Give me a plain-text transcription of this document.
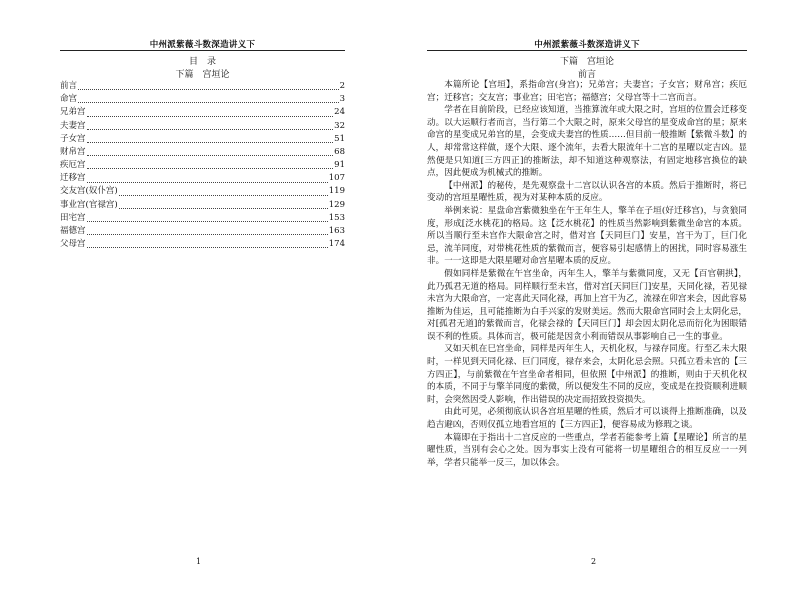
中州派紫薇斗数深造讲义下
目　录
下篇　宫垣论
前言	2
命宫	3
兄弟宫	24
夫妻宫	32
子女宫	51
财帛宫	68
疾厄宫	91
迁移宫	107
交友宫(奴仆宫)	119
事业宫(官禄宫)	129
田宅宫	153
福德宫	163
父母宫	174
1
中州派紫薇斗数深造讲义下
下篇　宫垣论
前言

本篇所论【宫垣】，系指命宫(身宫)；兄弟宫；夫妻宫；子女宫；财帛宫；疾厄宫；迁移宫；交友宫；事业宫；田宅宫；福德宫；父母宫等十二宫而言。

学者在目前阶段，已经应该知道，当推算流年或大限之时，宫垣的位置会迁移变动。以大运顺行者而言，当行第二个大限之时，原来父母宫的星变成命宫的星；原来命宫的星变成兄弟宫的星，会变成夫妻宫的性质……但目前一般推断【紫微斗数】的人，却常常这样做，逐个大限、逐个流年，去看大限流年十二宫的星曜以定吉凶。显然便是只知道[三方四正]的推断法，却不知道这种观察法，有固定地移宫换位的缺点，因此便成为机械式的推断。

【中州派】的秘传，是先观察盘十二宫以认识各宫的本质。然后于推断时，将已变动的宫垣星曜性质，视为对某种本质的反应。

举例来说：星盘命宫紫微独坐在午王年生人，擎羊在子垣(好迁移宫)，与贪狼同度，形成[泛水桃花]的格局。这【泛水桃花】的性质当然影响到紫微坐命宫的本质。所以当顺行至未宫作大限命宫之时，借对宫【天同巨门】安星，宫干为丁，巨门化忌，流羊同度，对带桃花性质的紫微而言，便容易引起感情上的困扰，同时容易涨生非。一一这即是大限星曜对命宫星曜本质的反应。

假如同样是紫微在午宫坐命，丙年生人，擎羊与紫微同度，又无【百官朝拱】，此乃孤君无道的格局。同样顺行至未宫，借对宫[天同巨门]安星，天同化禄，若见禄未宫为大限命宫，一定喜此天同化禄，再加上宫干为乙，流禄在卯宫来会，因此容易推断为佳运，且可能推断为白手兴家的发财美运。然而大限命宫同时会上太阴化忌，对[孤君无道]的紫微而言，化禄会禄的【天同巨门】却会因太阴化忌而衍化为困眼错误不利的性质。具体而言，极可能是因贪小利而错误从事影响自己一生的事业。

又如天机在巳宫坐命，同样是丙年生人，天机化权，与禄存同度。行至乙未大限时，一样见到天同化禄、巨门同度，禄存来会，太阴化忌会照。只孤立看未宫的【三方四正】，与前紫微在午宫坐命者相同，但依照【中州派】的推断，则由于天机化权的本质，不同于与擎羊同度的紫微，所以便发生不同的反应，变成是在投资顺利进顺时，会突然因受人影响，作出错误的决定而招致投资损失。

由此可见，必须彻底认识各宫垣星曜的性质，然后才可以谈得上推断准确，以及趋吉避凶，否则仅孤立地看宫垣的【三方四正】，便容易成为修瑕之谈。

本篇即在于指出十二宫反应的一些重点，学者若能参考上篇【星曜论】所言的星曜性质，当別有会心之处。因为事实上没有可能将一切星曜组合的相互反应一一列举，学者只能举一反三，加以体会。

2
